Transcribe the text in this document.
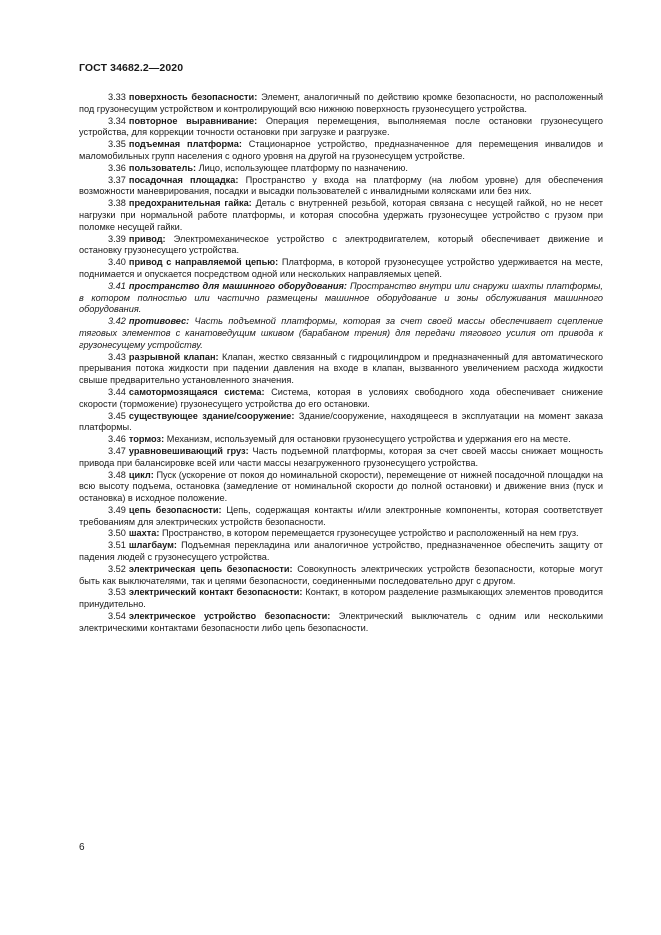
ГОСТ 34682.2—2020

3.33 поверхность безопасности: Элемент, аналогичный по действию кромке безопасности, но расположенный под грузонесущим устройством и контролирующий всю нижнюю поверхность грузонесущего устройства.

3.34 повторное выравнивание: Операция перемещения, выполняемая после остановки грузонесущего устройства, для коррекции точности остановки при загрузке и разгрузке.

3.35 подъемная платформа: Стационарное устройство, предназначенное для перемещения инвалидов и маломобильных групп населения с одного уровня на другой на грузонесущем устройстве.

3.36 пользователь: Лицо, использующее платформу по назначению.

3.37 посадочная площадка: Пространство у входа на платформу (на любом уровне) для обеспечения возможности маневрирования, посадки и высадки пользователей с инвалидными колясками или без них.

3.38 предохранительная гайка: Деталь с внутренней резьбой, которая связана с несущей гайкой, но не несет нагрузки при нормальной работе платформы, и которая способна удержать грузонесущее устройство с грузом при поломке несущей гайки.

3.39 привод: Электромеханическое устройство с электродвигателем, который обеспечивает движение и остановку грузонесущего устройства.

3.40 привод с направляемой цепью: Платформа, в которой грузонесущее устройство удерживается на месте, поднимается и опускается посредством одной или нескольких направляемых цепей.

3.41 пространство для машинного оборудования: Пространство внутри или снаружи шахты платформы, в котором полностью или частично размещены машинное оборудование и зоны обслуживания машинного оборудования.

3.42 противовес: Часть подъемной платформы, которая за счет своей массы обеспечивает сцепление тяговых элементов с канатоведущим шкивом (барабаном трения) для передачи тягового усилия от привода к грузонесущему устройству.

3.43 разрывной клапан: Клапан, жестко связанный с гидроцилиндром и предназначенный для автоматического прерывания потока жидкости при падении давления на входе в клапан, вызванного увеличением расхода жидкости свыше предварительно установленного значения.

3.44 самотормозящаяся система: Система, которая в условиях свободного хода обеспечивает снижение скорости (торможение) грузонесущего устройства до его остановки.

3.45 существующее здание/сооружение: Здание/сооружение, находящееся в эксплуатации на момент заказа платформы.

3.46 тормоз: Механизм, используемый для остановки грузонесущего устройства и удержания его на месте.

3.47 уравновешивающий груз: Часть подъемной платформы, которая за счет своей массы снижает мощность привода при балансировке всей или части массы незагруженного грузонесущего устройства.

3.48 цикл: Пуск (ускорение от покоя до номинальной скорости), перемещение от нижней посадочной площадки на всю высоту подъема, остановка (замедление от номинальной скорости до полной остановки) и движение вниз (пуск и остановка) в исходное положение.

3.49 цепь безопасности: Цепь, содержащая контакты и/или электронные компоненты, которая соответствует требованиям для электрических устройств безопасности.

3.50 шахта: Пространство, в котором перемещается грузонесущее устройство и расположенный на нем груз.

3.51 шлагбаум: Подъемная перекладина или аналогичное устройство, предназначенное обеспечить защиту от падения людей с грузонесущего устройства.

3.52 электрическая цепь безопасности: Совокупность электрических устройств безопасности, которые могут быть как выключателями, так и цепями безопасности, соединенными последовательно друг с другом.

3.53 электрический контакт безопасности: Контакт, в котором разделение размыкающих элементов проводится принудительно.

3.54 электрическое устройство безопасности: Электрический выключатель с одним или несколькими электрическими контактами безопасности либо цепь безопасности.

6
